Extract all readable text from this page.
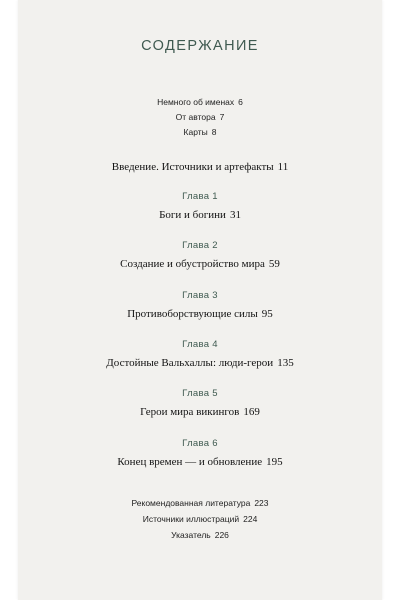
СОДЕРЖАНИЕ
Немного об именах 6
От автора 7
Карты 8
Введение. Источники и артефакты 11
Глава 1
Боги и богини 31
Глава 2
Создание и обустройство мира 59
Глава 3
Противоборствующие силы 95
Глава 4
Достойные Вальхаллы: люди-герои 135
Глава 5
Герои мира викингов 169
Глава 6
Конец времен — и обновление 195
Рекомендованная литература 223
Источники иллюстраций 224
Указатель 226
